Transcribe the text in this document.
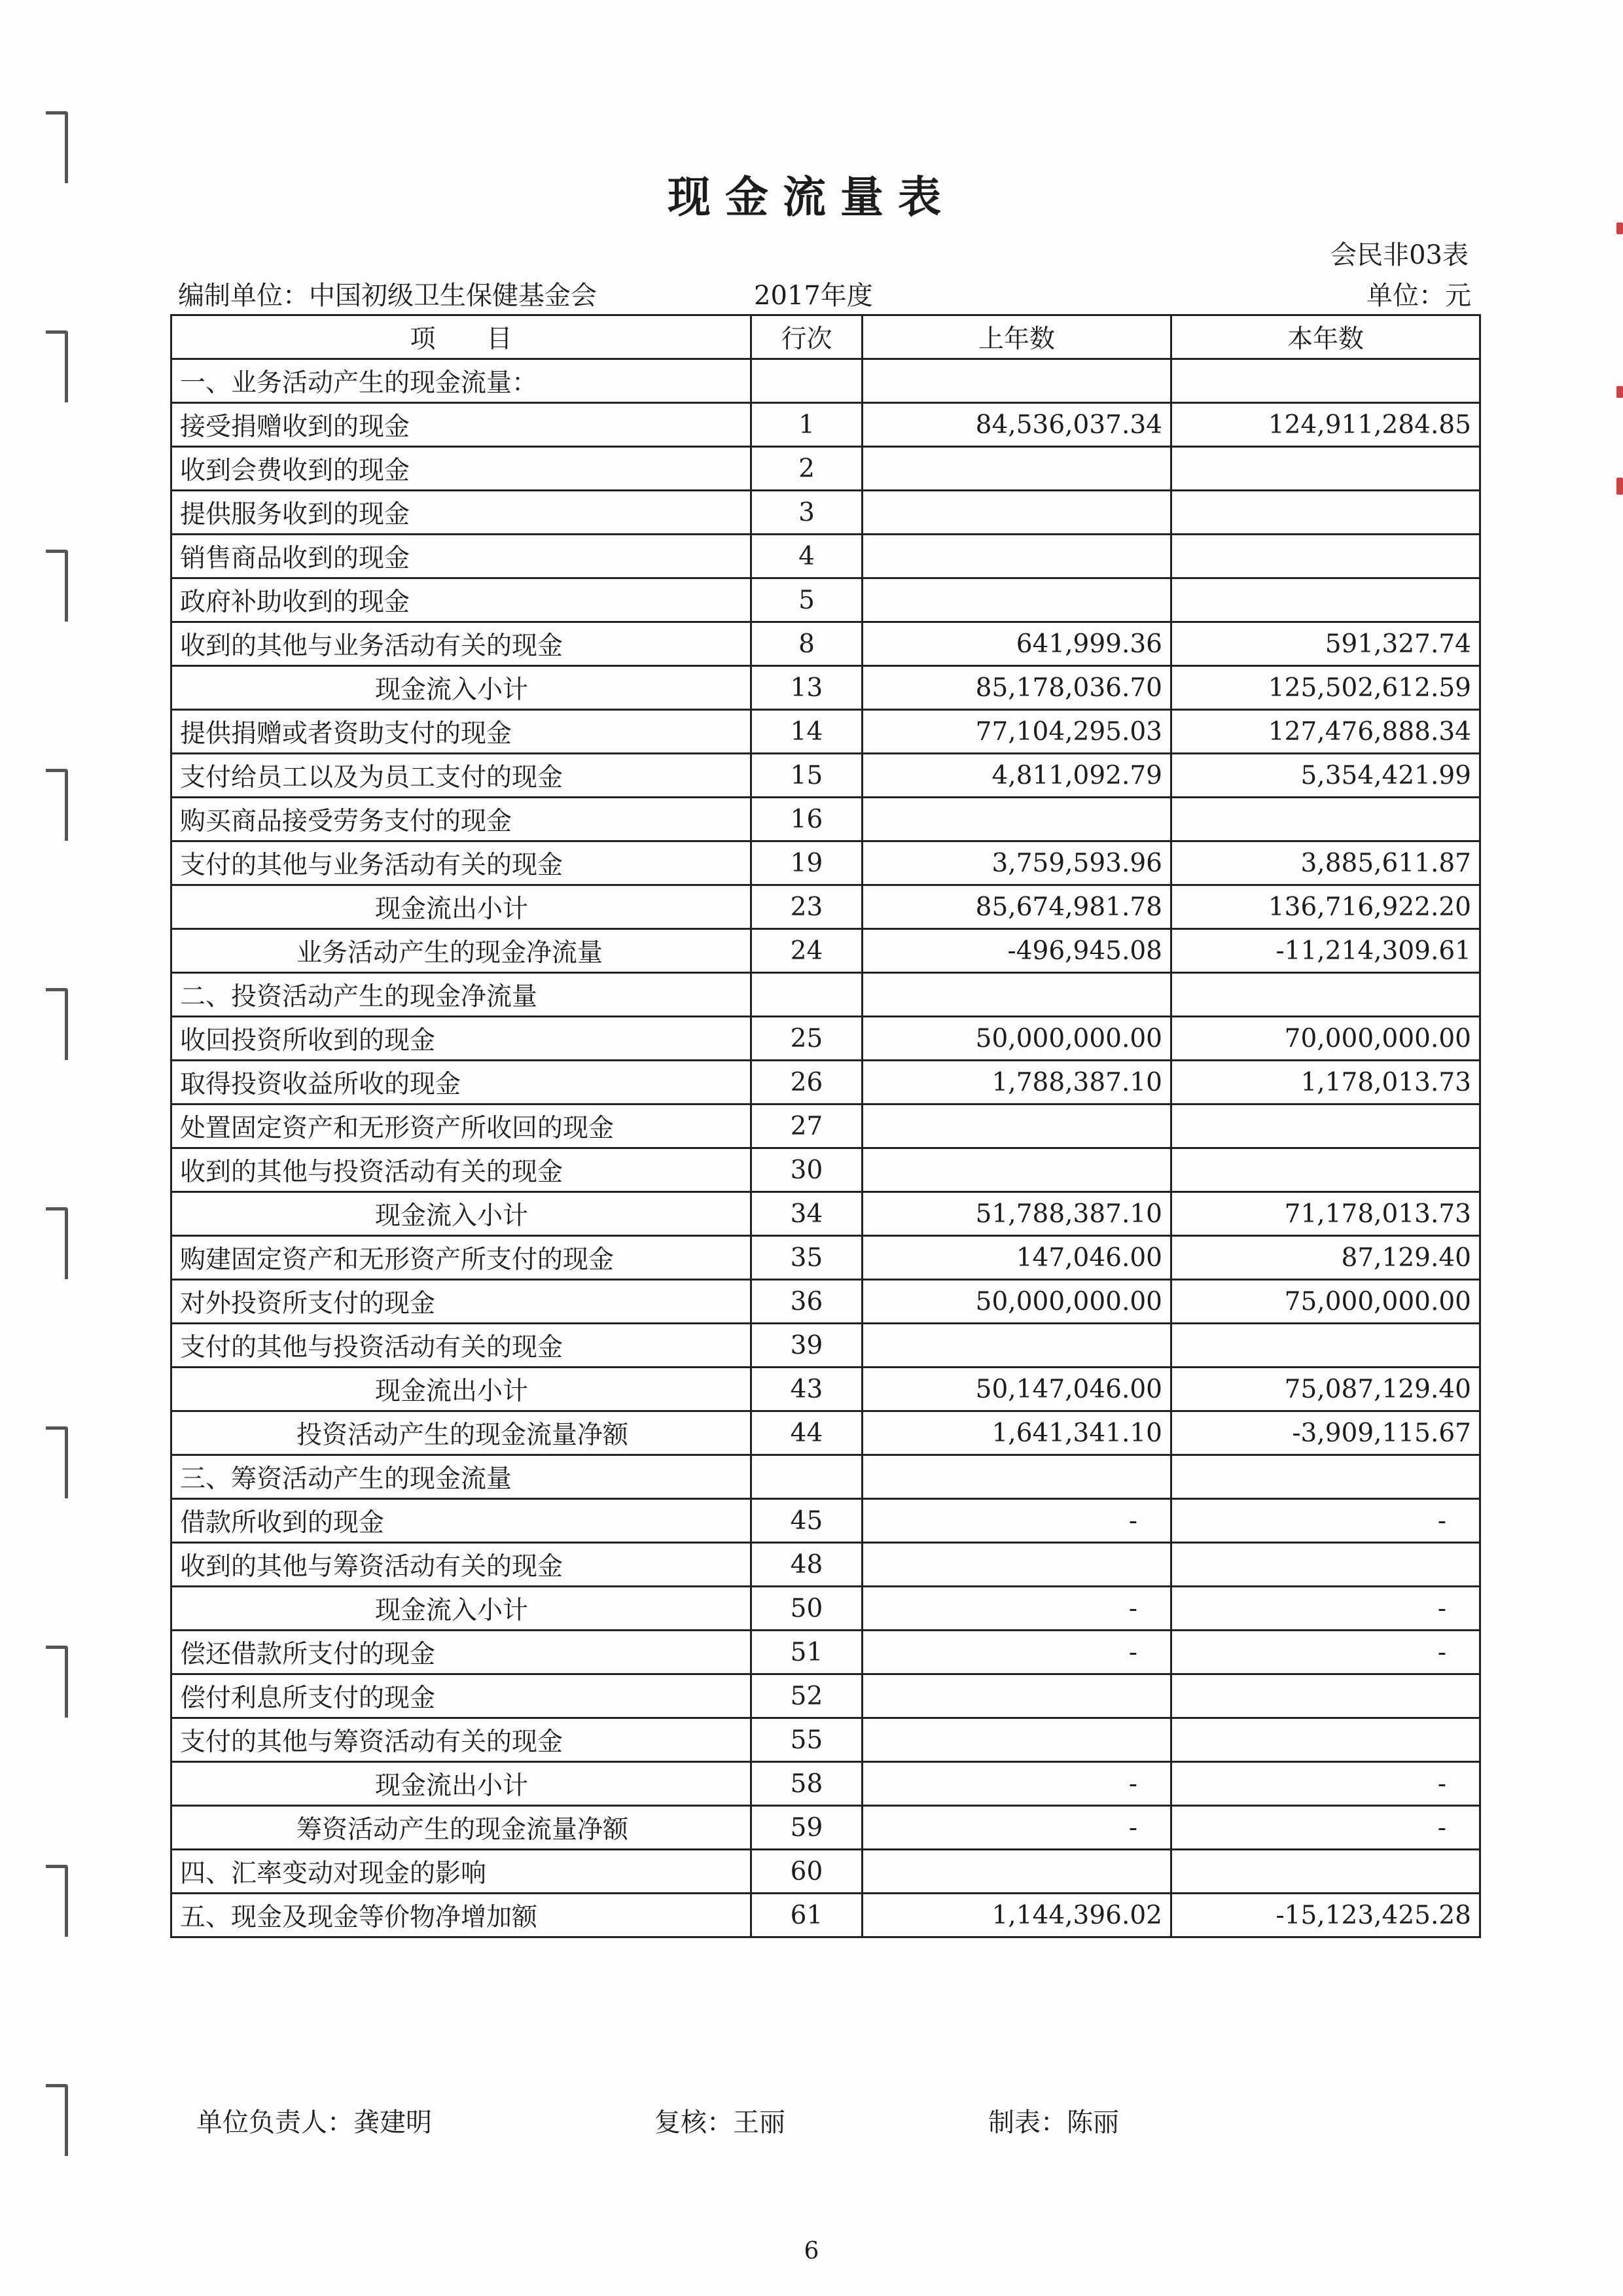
现金流量表
会民非03表
编制单位：中国初级卫生保健基金会	2017年度	单位：元
项　　目	行次	上年数	本年数
一、业务活动产生的现金流量：			
接受捐赠收到的现金	1	84,536,037.34	124,911,284.85
收到会费收到的现金	2		
提供服务收到的现金	3		
销售商品收到的现金	4		
政府补助收到的现金	5		
收到的其他与业务活动有关的现金	8	641,999.36	591,327.74
现金流入小计	13	85,178,036.70	125,502,612.59
提供捐赠或者资助支付的现金	14	77,104,295.03	127,476,888.34
支付给员工以及为员工支付的现金	15	4,811,092.79	5,354,421.99
购买商品接受劳务支付的现金	16		
支付的其他与业务活动有关的现金	19	3,759,593.96	3,885,611.87
现金流出小计	23	85,674,981.78	136,716,922.20
业务活动产生的现金净流量	24	-496,945.08	-11,214,309.61
二、投资活动产生的现金净流量			
收回投资所收到的现金	25	50,000,000.00	70,000,000.00
取得投资收益所收的现金	26	1,788,387.10	1,178,013.73
处置固定资产和无形资产所收回的现金	27		
收到的其他与投资活动有关的现金	30		
现金流入小计	34	51,788,387.10	71,178,013.73
购建固定资产和无形资产所支付的现金	35	147,046.00	87,129.40
对外投资所支付的现金	36	50,000,000.00	75,000,000.00
支付的其他与投资活动有关的现金	39		
现金流出小计	43	50,147,046.00	75,087,129.40
投资活动产生的现金流量净额	44	1,641,341.10	-3,909,115.67
三、筹资活动产生的现金流量			
借款所收到的现金	45	-	-
收到的其他与筹资活动有关的现金	48		
现金流入小计	50	-	-
偿还借款所支付的现金	51	-	-
偿付利息所支付的现金	52		
支付的其他与筹资活动有关的现金	55		
现金流出小计	58	-	-
筹资活动产生的现金流量净额	59	-	-
四、汇率变动对现金的影响	60		
五、现金及现金等价物净增加额	61	1,144,396.02	-15,123,425.28
单位负责人：龚建明	复核：王丽	制表：陈丽
6
